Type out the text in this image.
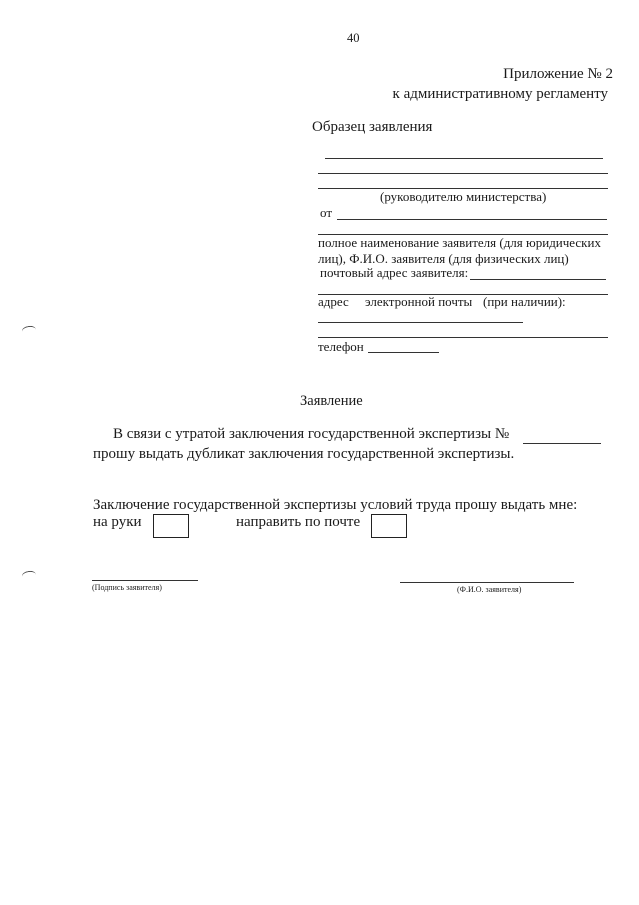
40
Приложение № 2
к административному регламенту
Образец заявления
(руководителю министерства)
от
полное наименование заявителя (для юридических
лиц), Ф.И.О. заявителя (для физических лиц)
почтовый адрес заявителя:
адрес электронной почты (при наличии):
телефон
Заявление
В связи с утратой заключения государственной экспертизы №
прошу выдать дубликат заключения государственной экспертизы.
Заключение государственной экспертизы условий труда прошу выдать мне:
на руки	направить по почте
(Подпись заявителя)	(Ф.И.О. заявителя)
